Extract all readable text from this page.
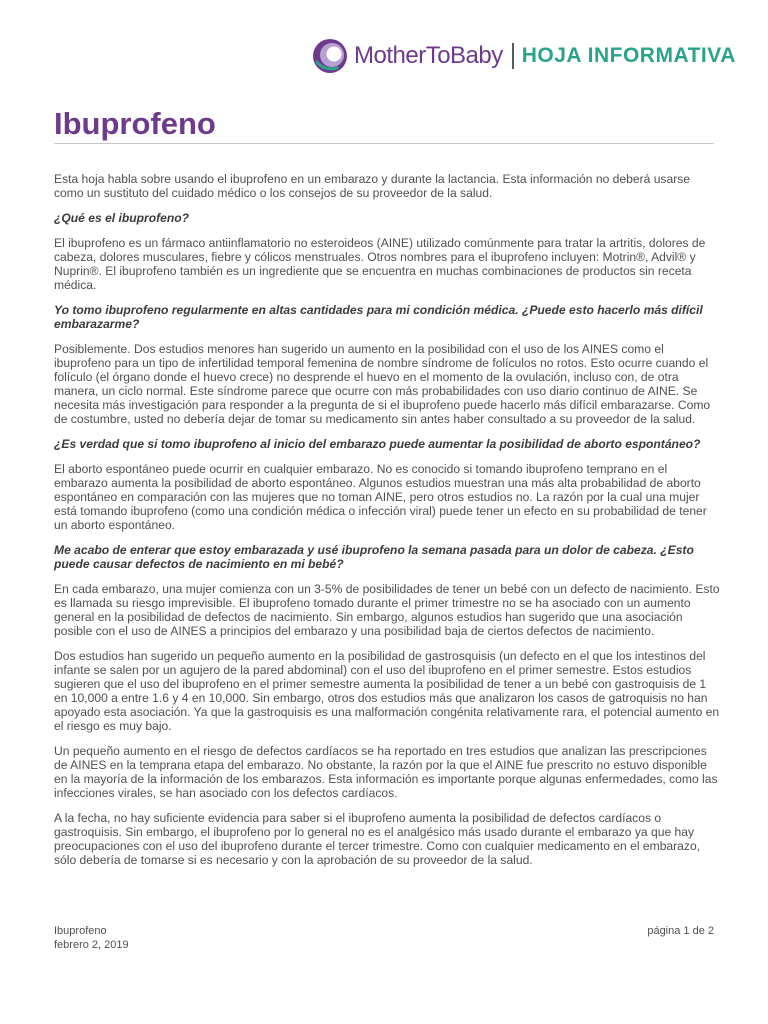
MotherToBaby HOJA INFORMATIVA
Ibuprofeno

Esta hoja habla sobre usando el ibuprofeno en un embarazo y durante la lactancia. Esta información no deberá usarse como un sustituto del cuidado médico o los consejos de su proveedor de la salud.

¿Qué es el ibuprofeno?

El ibuprofeno es un fármaco antiinflamatorio no esteroideos (AINE) utilizado comúnmente para tratar la artritis, dolores de cabeza, dolores musculares, fiebre y cólicos menstruales. Otros nombres para el ibuprofeno incluyen: Motrin®, Advil® y Nuprin®. El ibuprofeno también es un ingrediente que se encuentra en muchas combinaciones de productos sin receta médica.

Yo tomo ibuprofeno regularmente en altas cantidades para mi condición médica. ¿Puede esto hacerlo más difícil embarazarme?

Posiblemente. Dos estudios menores han sugerido un aumento en la posibilidad con el uso de los AINES como el ibuprofeno para un tipo de infertilidad temporal femenina de nombre síndrome de folículos no rotos. Esto ocurre cuando el folículo (el órgano donde el huevo crece) no desprende el huevo en el momento de la ovulación, incluso con, de otra manera, un ciclo normal. Este síndrome parece que ocurre con más probabilidades con uso diario continuo de AINE. Se necesita más investigación para responder a la pregunta de si el ibuprofeno puede hacerlo más difícil embarazarse. Como de costumbre, usted no debería dejar de tomar su medicamento sin antes haber consultado a su proveedor de la salud.

¿Es verdad que si tomo ibuprofeno al inicio del embarazo puede aumentar la posibilidad de aborto espontáneo?

El aborto espontáneo puede ocurrir en cualquier embarazo. No es conocido si tomando ibuprofeno temprano en el embarazo aumenta la posibilidad de aborto espontáneo. Algunos estudios muestran una más alta probabilidad de aborto espontáneo en comparación con las mujeres que no toman AINE, pero otros estudios no. La razón por la cual una mujer está tomando ibuprofeno (como una condición médica o infección viral) puede tener un efecto en su probabilidad de tener un aborto espontáneo.

Me acabo de enterar que estoy embarazada y usé ibuprofeno la semana pasada para un dolor de cabeza. ¿Esto puede causar defectos de nacimiento en mi bebé?

En cada embarazo, una mujer comienza con un 3-5% de posibilidades de tener un bebé con un defecto de nacimiento. Esto es llamada su riesgo imprevisible. El ibuprofeno tomado durante el primer trimestre no se ha asociado con un aumento general en la posibilidad de defectos de nacimiento. Sin embargo, algunos estudios han sugerido que una asociación posible con el uso de AINES a principios del embarazo y una posibilidad baja de ciertos defectos de nacimiento.

Dos estudios han sugerido un pequeño aumento en la posibilidad de gastrosquisis (un defecto en el que los intestinos del infante se salen por un agujero de la pared abdominal) con el uso del ibuprofeno en el primer semestre. Estos estudios sugieren que el uso del ibuprofeno en el primer semestre aumenta la posibilidad de tener a un bebé con gastroquisis de 1 en 10,000 a entre 1.6 y 4 en 10,000. Sin embargo, otros dos estudios más que analizaron los casos de gatroquisis no han apoyado esta asociación. Ya que la gastroquisis es una malformación congénita relativamente rara, el potencial aumento en el riesgo es muy bajo.

Un pequeño aumento en el riesgo de defectos cardíacos se ha reportado en tres estudios que analizan las prescripciones de AINES en la temprana etapa del embarazo. No obstante, la razón por la que el AINE fue prescrito no estuvo disponible en la mayoría de la información de los embarazos. Esta información es importante porque algunas enfermedades, como las infecciones virales, se han asociado con los defectos cardíacos.

A la fecha, no hay suficiente evidencia para saber si el ibuprofeno aumenta la posibilidad de defectos cardíacos o gastroquisis. Sin embargo, el ibuprofeno por lo general no es el analgésico más usado durante el embarazo ya que hay preocupaciones con el uso del ibuprofeno durante el tercer trimestre. Como con cualquier medicamento en el embarazo, sólo debería de tomarse si es necesario y con la aprobación de su proveedor de la salud.

Ibuprofeno
febrero 2, 2019
página 1 de 2
